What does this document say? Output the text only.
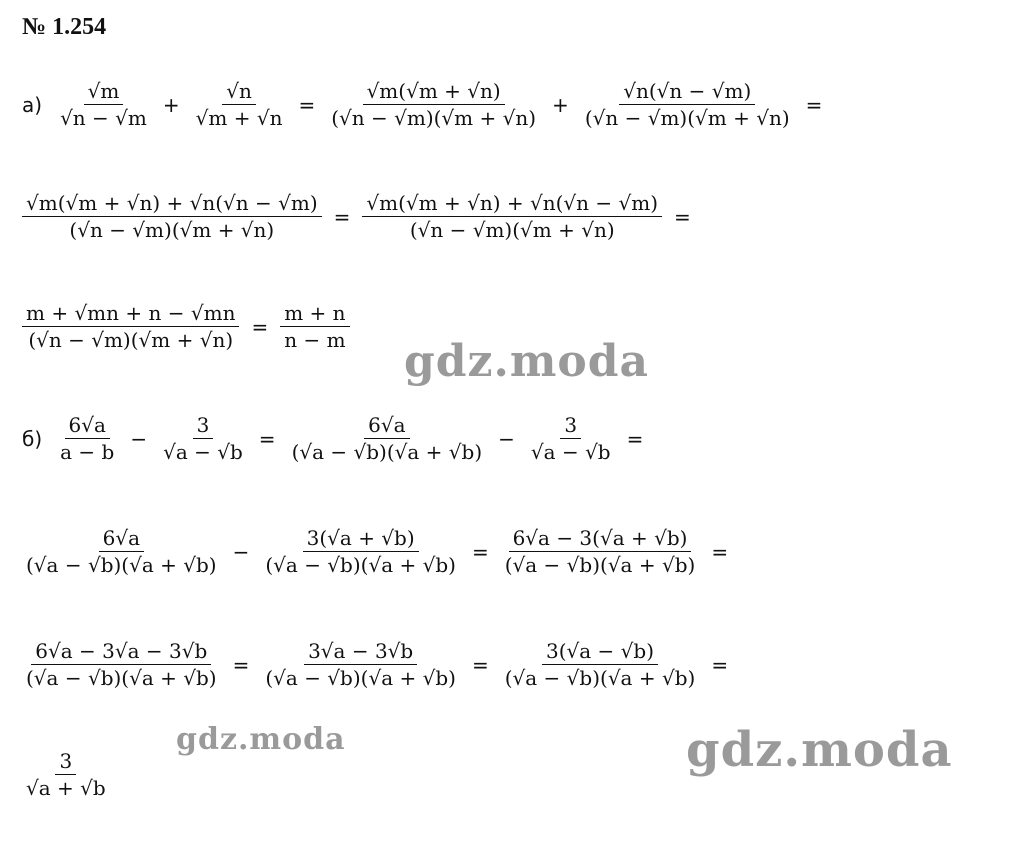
№ 1.254
$а) \frac{√m}{√n - √m} + \frac{√n}{√m + √n} = \frac{√m(√m + √n)}{(√n - √m)(√m + √n)} + \frac{√n(√n - √m)}{(√n - √m)(√m + √n)}$ =
$\frac{√m(√m + √n) + √n(√n - √m)}{(√n - √m)(√m + √n)} = \frac{√m(√m + √n) + √n(√n - √m)}{(√n - √m)(√m + √n)}$ =
$\frac{m + √mn + n - √mn}{(√n - √m)(√m + √n)} = \frac{m + n}{n - m}$
$б) \frac{6√a}{a - b} - \frac{3}{√a - √b} = \frac{6√a}{(√a - √b)(√a + √b)} - \frac{3}{√a - √b}$ =
$\frac{6√a}{(√a - √b)(√a + √b)} - \frac{3(√a + √b)}{(√a - √b)(√a + √b)} = \frac{6√a - 3(√a + √b)}{(√a - √b)(√a + √b)}$ =
$\frac{6√a - 3√a - 3√b}{(√a - √b)(√a + √b)} = \frac{3√a - 3√b}{(√a - √b)(√a + √b)} = \frac{3(√a - √b)}{(√a - √b)(√a + √b)}$ =
$\frac{3}{√a + √b}$
gdz.moda
gdz.moda	gdz.moda
